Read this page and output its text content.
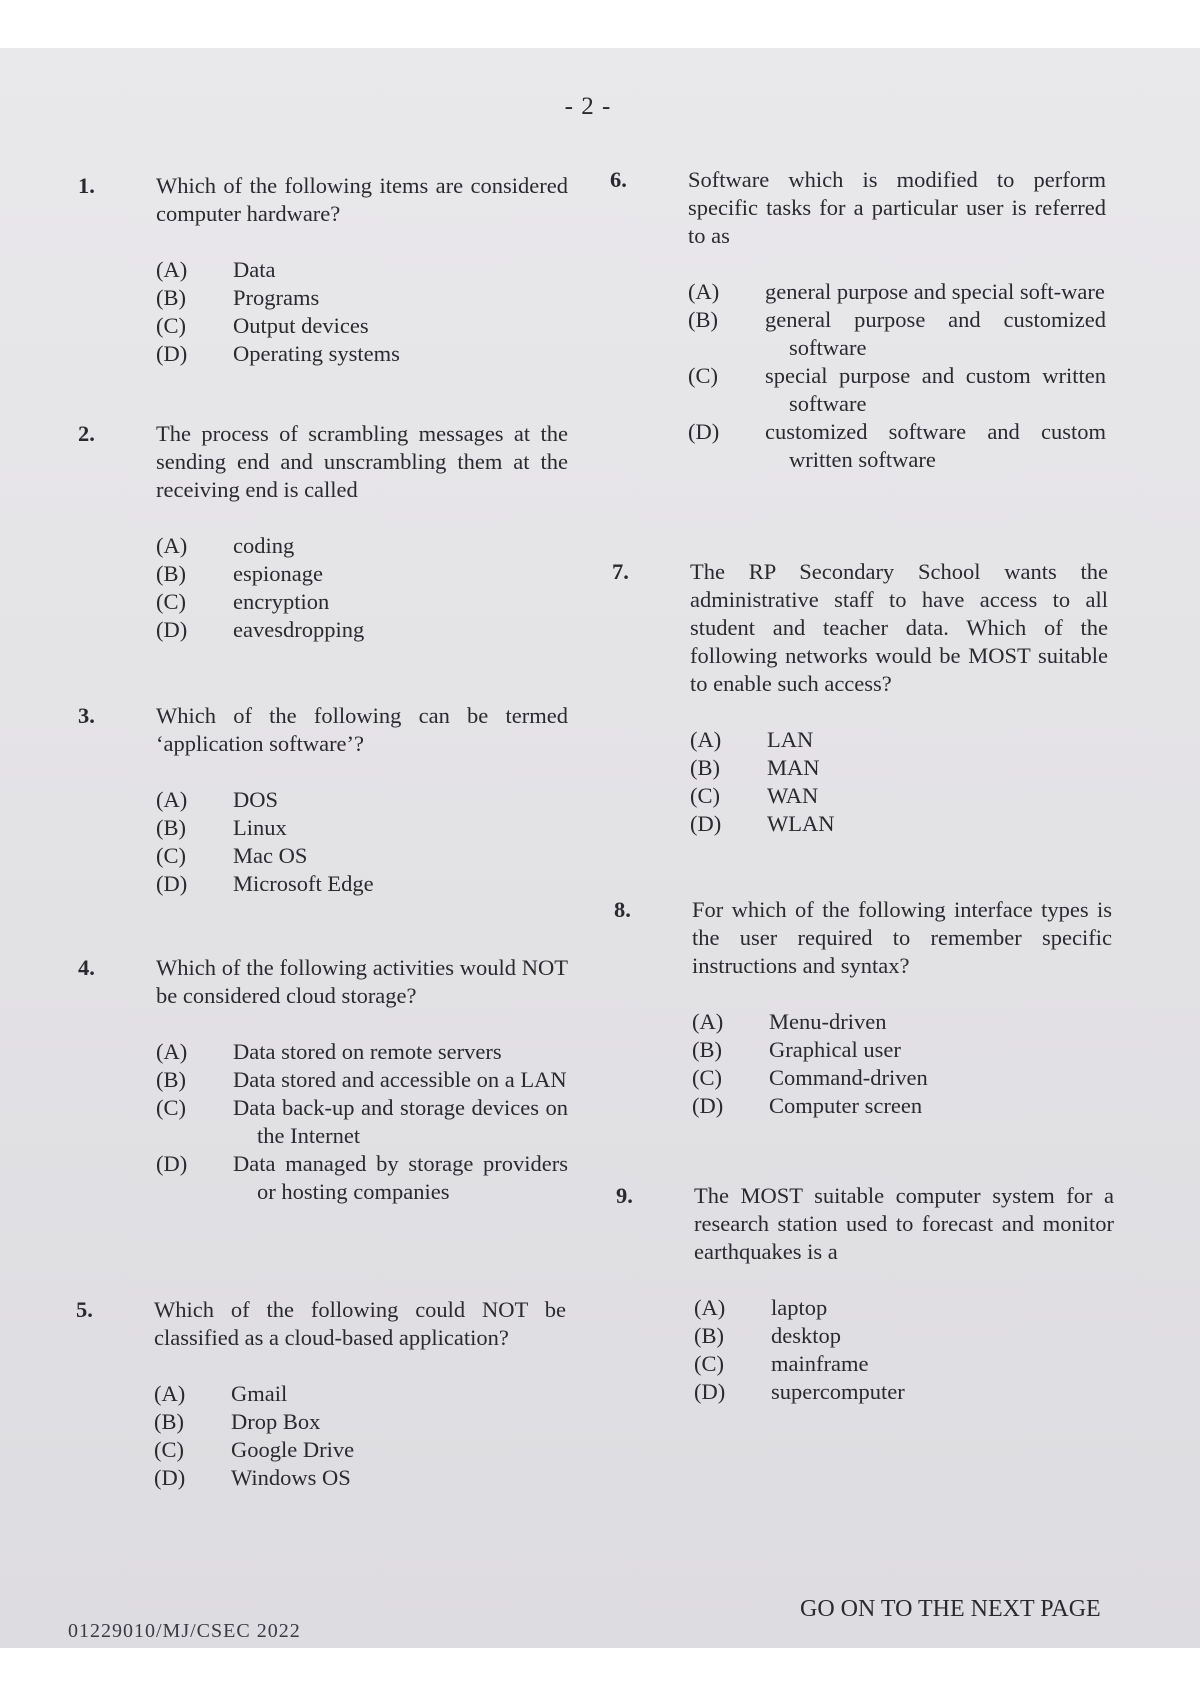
- 2 -
1.	Which of the following items are considered computer hardware?
(A) Data
(B) Programs
(C) Output devices
(D) Operating systems
2.	The process of scrambling messages at the sending end and unscrambling them at the receiving end is called
(A) coding
(B) espionage
(C) encryption
(D) eavesdropping
3.	Which of the following can be termed ‘application software’?
(A) DOS
(B) Linux
(C) Mac OS
(D) Microsoft Edge
4.	Which of the following activities would NOT be considered cloud storage?
(A) Data stored on remote servers
(B) Data stored and accessible on a LAN
(C) Data back-up and storage devices on the Internet
(D) Data managed by storage providers or hosting companies
5.	Which of the following could NOT be classified as a cloud-based application?
(A) Gmail
(B) Drop Box
(C) Google Drive
(D) Windows OS
6.	Software which is modified to perform specific tasks for a particular user is referred to as
(A) general purpose and special soft-ware
(B) general purpose and customized software
(C) special purpose and custom written software
(D) customized software and custom written software
7.	The RP Secondary School wants the administrative staff to have access to all student and teacher data. Which of the following networks would be MOST suitable to enable such access?
(A) LAN
(B) MAN
(C) WAN
(D) WLAN
8.	For which of the following interface types is the user required to remember specific instructions and syntax?
(A) Menu-driven
(B) Graphical user
(C) Command-driven
(D) Computer screen
9.	The MOST suitable computer system for a research station used to forecast and monitor earthquakes is a
(A) laptop
(B) desktop
(C) mainframe
(D) supercomputer
GO ON TO THE NEXT PAGE
01229010/MJ/CSEC 2022
